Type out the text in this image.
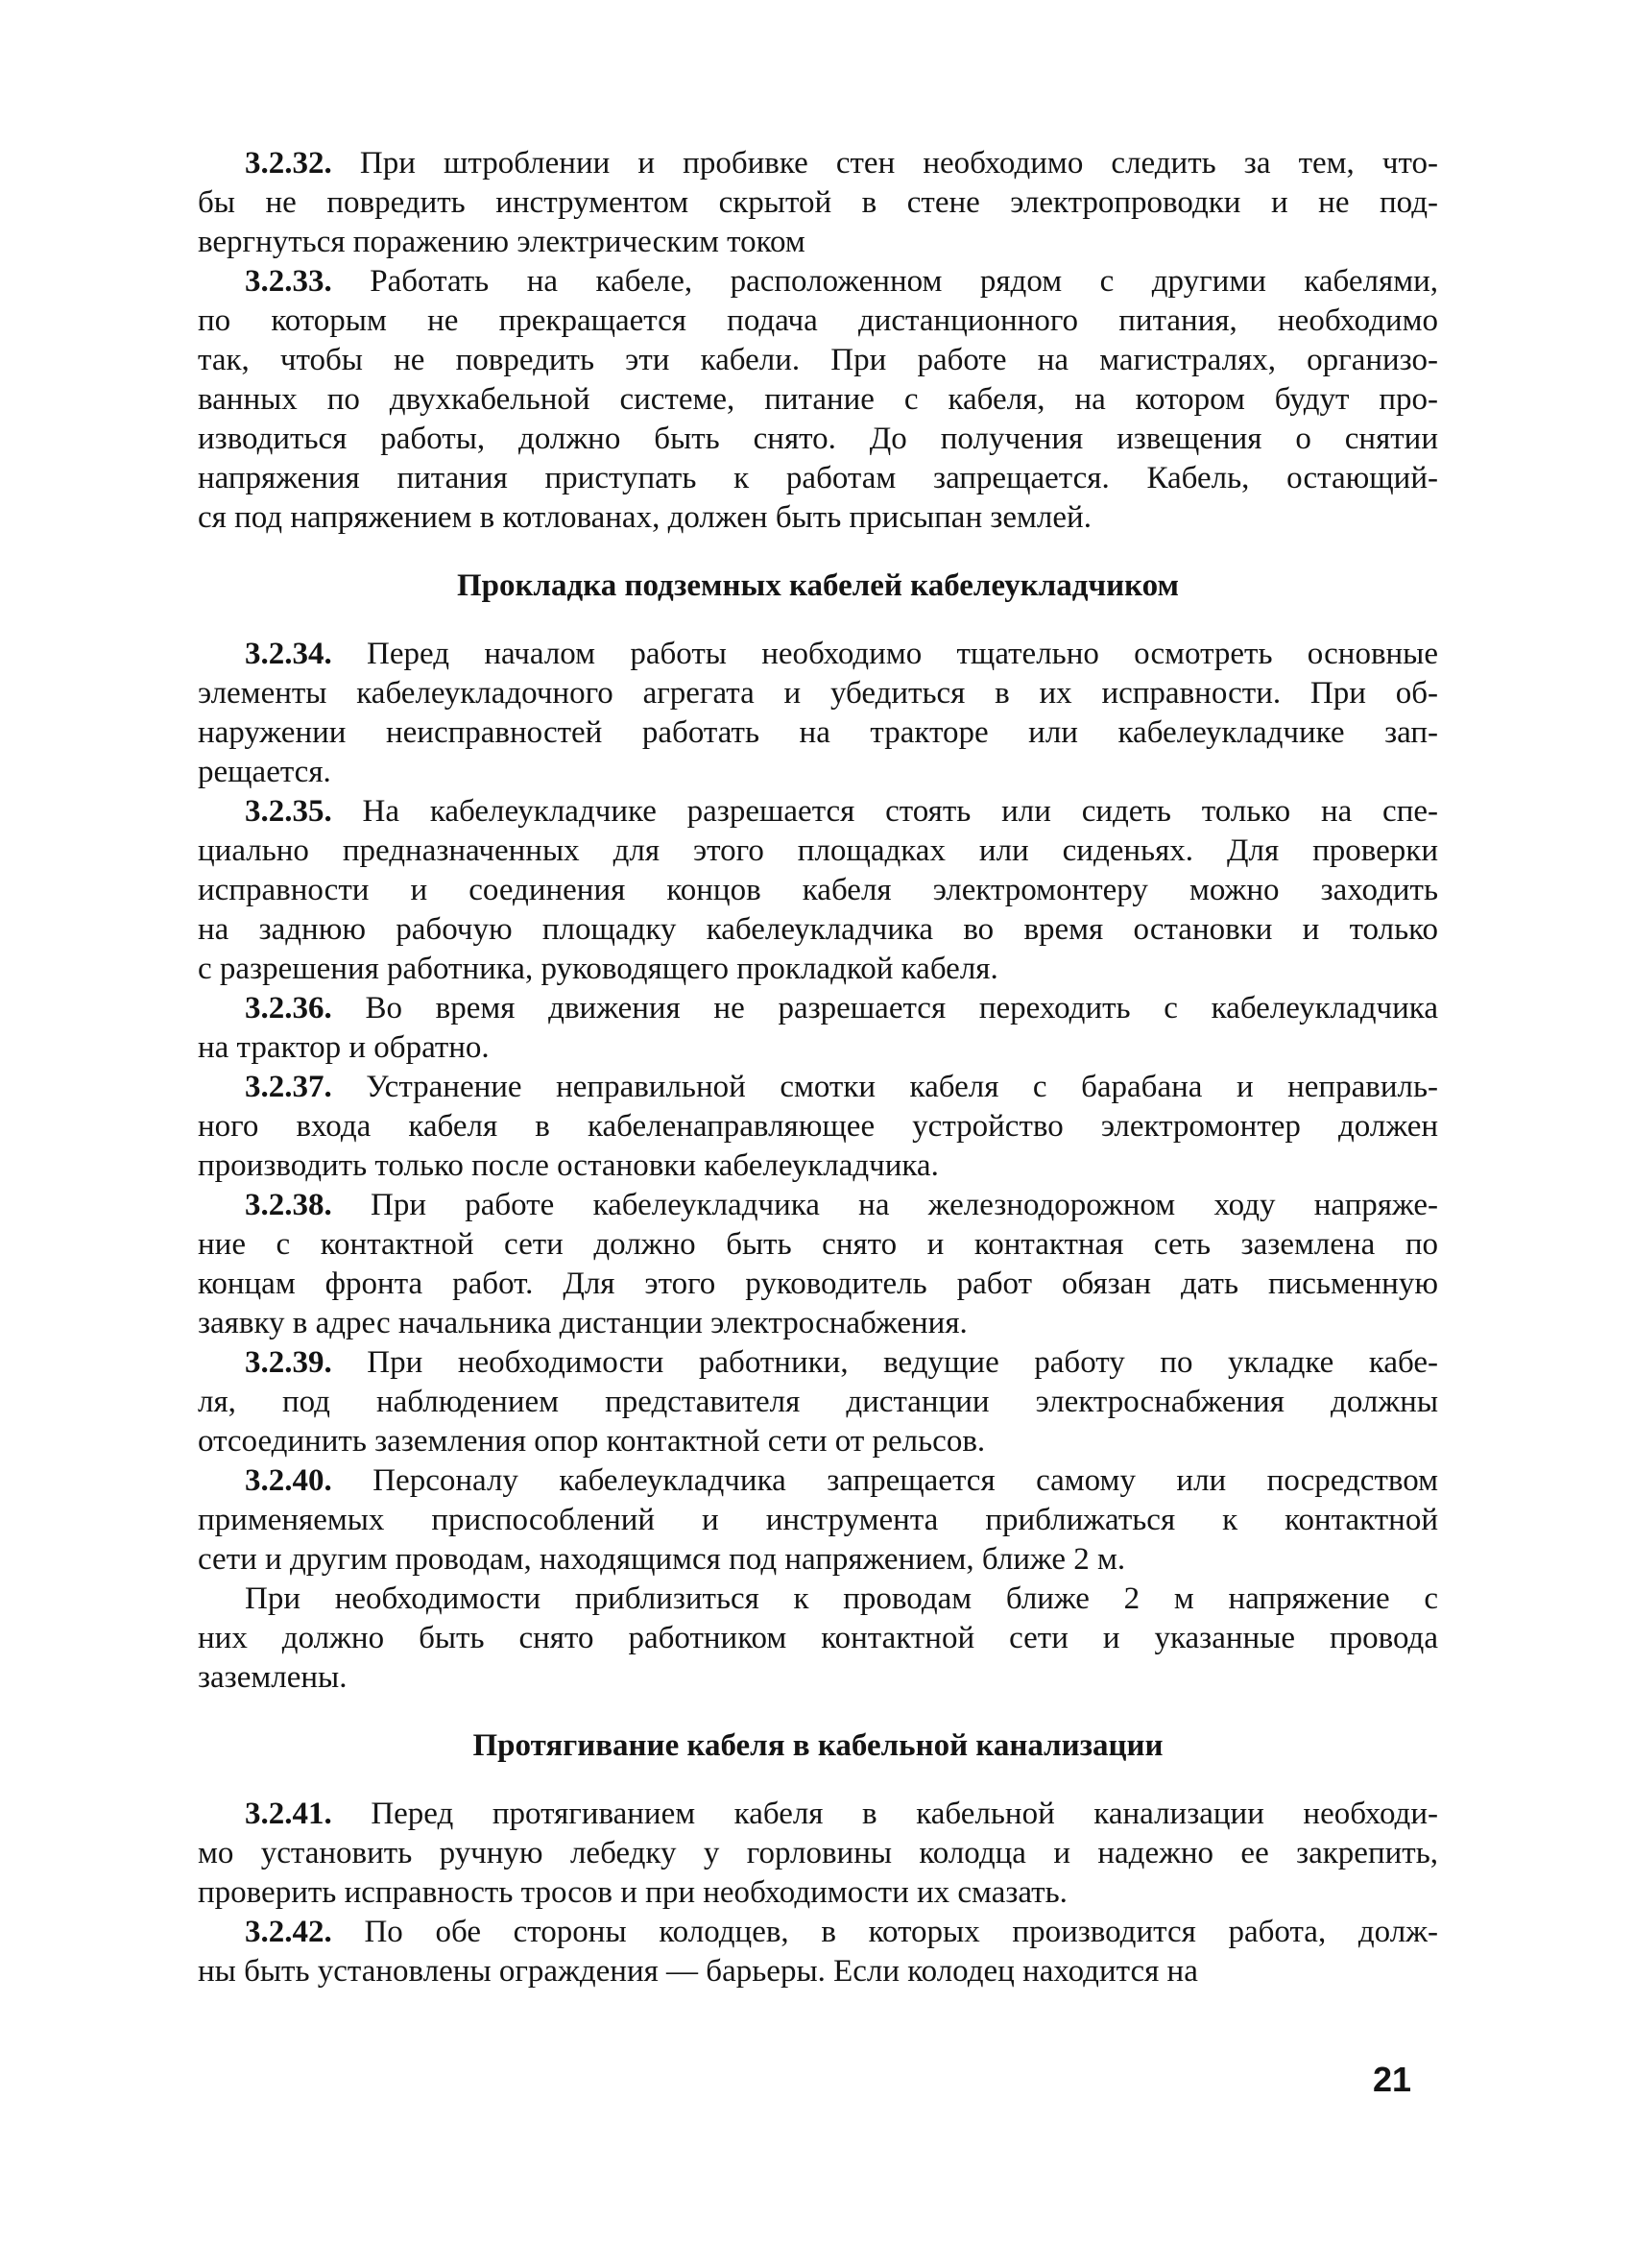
3.2.32. При штроблении и пробивке стен необходимо следить за тем, что-
бы не повредить инструментом скрытой в стене электропроводки и не под-
вергнуться поражению электрическим током
3.2.33. Работать на кабеле, расположенном рядом с другими кабелями,
по которым не прекращается подача дистанционного питания, необходимо
так, чтобы не повредить эти кабели. При работе на магистралях, организо-
ванных по двухкабельной системе, питание с кабеля, на котором будут про-
изводиться работы, должно быть снято. До получения извещения о снятии
напряжения питания приступать к работам запрещается. Кабель, остающий-
ся под напряжением в котлованах, должен быть присыпан землей.

Прокладка подземных кабелей кабелеукладчиком

3.2.34. Перед началом работы необходимо тщательно осмотреть основные
элементы кабелеукладочного агрегата и убедиться в их исправности. При об-
наружении неисправностей работать на тракторе или кабелеукладчике зап-
рещается.
3.2.35. На кабелеукладчике разрешается стоять или сидеть только на спе-
циально предназначенных для этого площадках или сиденьях. Для проверки
исправности и соединения концов кабеля электромонтеру можно заходить
на заднюю рабочую площадку кабелеукладчика во время остановки и только
с разрешения работника, руководящего прокладкой кабеля.
3.2.36. Во время движения не разрешается переходить с кабелеукладчика
на трактор и обратно.
3.2.37. Устранение неправильной смотки кабеля с барабана и неправиль-
ного входа кабеля в кабеленаправляющее устройство электромонтер должен
производить только после остановки кабелеукладчика.
3.2.38. При работе кабелеукладчика на железнодорожном ходу напряже-
ние с контактной сети должно быть снято и контактная сеть заземлена по
концам фронта работ. Для этого руководитель работ обязан дать письменную
заявку в адрес начальника дистанции электроснабжения.
3.2.39. При необходимости работники, ведущие работу по укладке кабе-
ля, под наблюдением представителя дистанции электроснабжения должны
отсоединить заземления опор контактной сети от рельсов.
3.2.40. Персоналу кабелеукладчика запрещается самому или посредством
применяемых приспособлений и инструмента приближаться к контактной
сети и другим проводам, находящимся под напряжением, ближе 2 м.
При необходимости приблизиться к проводам ближе 2 м напряжение с
них должно быть снято работником контактной сети и указанные провода
заземлены.

Протягивание кабеля в кабельной канализации

3.2.41. Перед протягиванием кабеля в кабельной канализации необходи-
мо установить ручную лебедку у горловины колодца и надежно ее закрепить,
проверить исправность тросов и при необходимости их смазать.
3.2.42. По обе стороны колодцев, в которых производится работа, долж-
ны быть установлены ограждения — барьеры. Если колодец находится на
21
